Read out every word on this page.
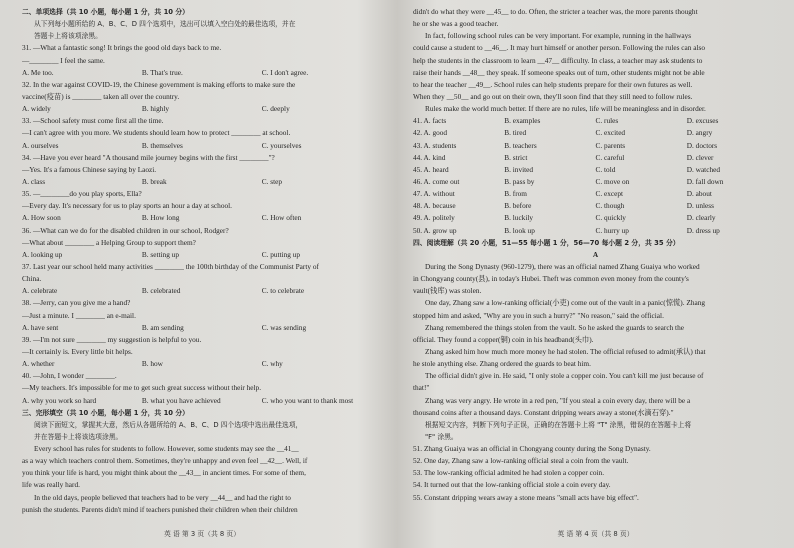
二、单项选择（共 10 小题，每小题 1 分，共 10 分）
从下列每小题所给的 A、B、C、D 四个选项中，选出可以填入空白处的最佳选项，并在
答题卡上将该项涂黑。
31. —What a fantastic song! It brings the good old days back to me.
—________ I feel the same.
A. Me too.	B. That's true.	C. I don't agree.
32. In the war against COVID-19, the Chinese government is making efforts to make sure the
vaccine(疫苗) is ________ taken all over the country.
A. widely	B. highly	C. deeply
33. —School safety must come first all the time.
—I can't agree with you more. We students should learn how to protect ________ at school.
A. ourselves	B. themselves	C. yourselves
34. —Have you ever heard "A thousand mile journey begins with the first ________"?
—Yes. It's a famous Chinese saying by Laozi.
A. class	B. break	C. step
35. —________do you play sports, Ella?
—Every day. It's necessary for us to play sports an hour a day at school.
A. How soon	B. How long	C. How often
36. —What can we do for the disabled children in our school, Rodger?
—What about ________ a Helping Group to support them?
A. looking up	B. setting up	C. putting up
37. Last year our school held many activities ________ the 100th birthday of the Communist Party of
China.
A. celebrate	B. celebrated	C. to celebrate
38. —Jerry, can you give me a hand?
—Just a minute. I ________ an e-mail.
A. have sent	B. am sending	C. was sending
39. —I'm not sure ________ my suggestion is helpful to you.
—It certainly is. Every little bit helps.
A. whether	B. how	C. why
40. —John, I wonder ________.
—My teachers. It's impossible for me to get such great success without their help.
A. why you work so hard	B. what you have achieved	C. who you want to thank most
三、完形填空（共 10 小题，每小题 1 分，共 10 分）
阅读下面短文，掌握其大意，然后从各题所给的 A、B、C、D 四个选项中选出最佳选项，
并在答题卡上将该选项涂黑。
Every school has rules for students to follow. However, some students may see the __41__
as a way which teachers control them. Sometimes, they're unhappy and even feel __42__. Well, if
you think your life is hard, you might think about the __43__ in ancient times. For some of them,
life was really hard.
In the old days, people believed that teachers had to be very __44__ and had the right to
punish the students. Parents didn't mind if teachers punished their children when their children
英 语 第 3 页（共 8 页）
didn't do what they were __45__ to do. Often, the stricter a teacher was, the more parents thought
he or she was a good teacher.
In fact, following school rules can be very important. For example, running in the hallways
could cause a student to __46__. It may hurt himself or another person. Following the rules can also
help the students in the classroom to learn __47__ difficulty. In class, a teacher may ask students to
raise their hands __48__ they speak. If someone speaks out of turn, other students might not be able
to hear the teacher __49__. School rules can help students prepare for their own futures as well.
When they __50__ and go out on their own, they'll soon find that they still need to follow rules.
Rules make the world much better. If there are no rules, life will be meaningless and in disorder.
41. A. facts	B. examples	C. rules	D. excuses
42. A. good	B. tired	C. excited	D. angry
43. A. students	B. teachers	C. parents	D. doctors
44. A. kind	B. strict	C. careful	D. clever
45. A. heard	B. invited	C. told	D. watched
46. A. come out	B. pass by	C. move on	D. fall down
47. A. without	B. from	C. except	D. about
48. A. because	B. before	C. though	D. unless
49. A. politely	B. luckily	C. quickly	D. clearly
50. A. grow up	B. look up	C. hurry up	D. dress up
四、阅读理解（共 20 小题，51—55 每小题 1 分，56—70 每小题 2 分，共 35 分）
A
During the Song Dynasty (960-1279), there was an official named Zhang Guaiya who worked
in Chongyang county(县), in today's Hubei. Theft was common even money from the county's
vault(钱库) was stolen.
One day, Zhang saw a low-ranking official(小吏) come out of the vault in a panic(惊慌). Zhang
stopped him and asked, "Why are you in such a hurry?" "No reason," said the official.
Zhang remembered the things stolen from the vault. So he asked the guards to search the
official. They found a copper(铜) coin in his headband(头巾).
Zhang asked him how much more money he had stolen. The official refused to admit(承认) that
he stole anything else. Zhang ordered the guards to beat him.
The official didn't give in. He said, "I only stole a copper coin. You can't kill me just because of
that!"
Zhang was very angry. He wrote in a red pen, "If you steal a coin every day, there will be a
thousand coins after a thousand days. Constant dripping wears away a stone(水滴石穿)."
根据短文内容，判断下列句子正误，正确的在答题卡上将 "T" 涂黑，错误的在答题卡上将
"F" 涂黑。
51. Zhang Guaiya was an official in Chongyang county during the Song Dynasty.
52. One day, Zhang saw a low-ranking official steal a coin from the vault.
53. The low-ranking official admited he had stolen a copper coin.
54. It turned out that the low-ranking official stole a coin every day.
55. Constant dripping wears away a stone means "small acts have big effect".
英 语 第 4 页（共 8 页）
